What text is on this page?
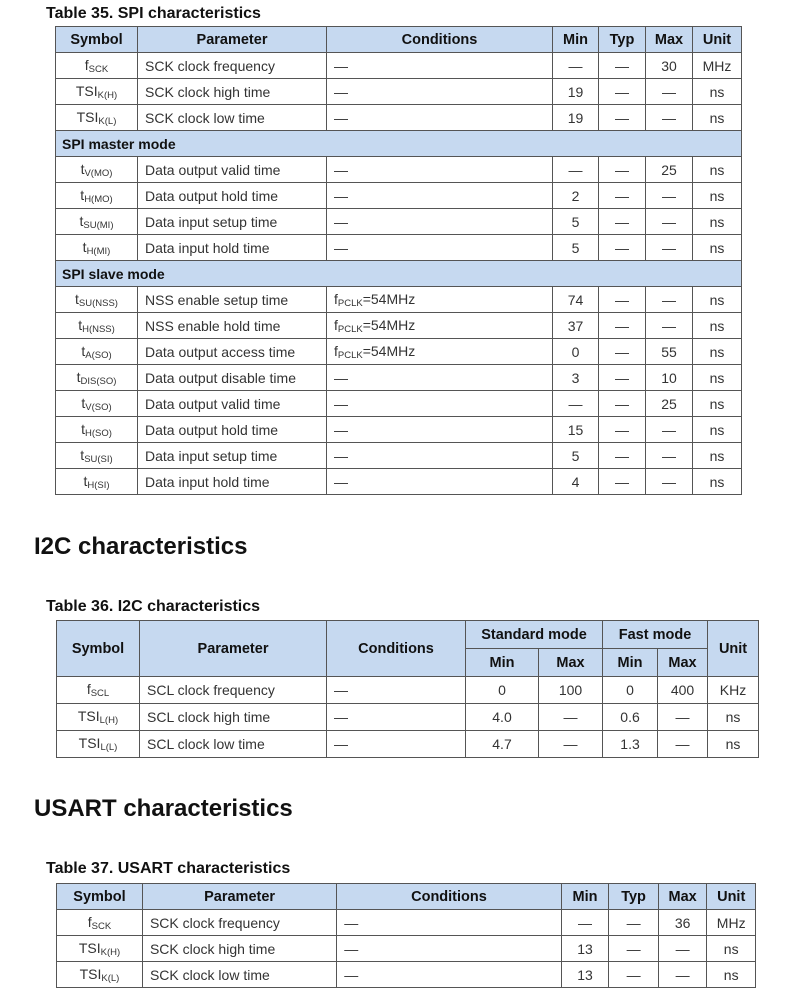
Table 35. SPI characteristics
Symbol	Parameter	Conditions	Min	Typ	Max	Unit
$f_{SCK}$	SCK clock frequency	—	—	—	30	MHz
$TSI_{K(H)}$	SCK clock high time	—	19	—	—	ns
$TSI_{K(L)}$	SCK clock low time	—	19	—	—	ns
SPI master mode						
$t_{V(MO)}$	Data output valid time	—	—	—	25	ns
$t_{H(MO)}$	Data output hold time	—	2	—	—	ns
$t_{SU(MI)}$	Data input setup time	—	5	—	—	ns
$t_{H(MI)}$	Data input hold time	—	5	—	—	ns
SPI slave mode						
$t_{SU(NSS)}$	NSS enable setup time	$f_{PCLK}=54MHz$	74	—	—	ns
$t_{H(NSS)}$	NSS enable hold time	$f_{PCLK}=54MHz$	37	—	—	ns
$t_{A(SO)}$	Data output access time	$f_{PCLK}=54MHz$	0	—	55	ns
$t_{DIS(SO)}$	Data output disable time	—	3	—	10	ns
$t_{V(SO)}$	Data output valid time	—	—	—	25	ns
$t_{H(SO)}$	Data output hold time	—	15	—	—	ns
$t_{SU(SI)}$	Data input setup time	—	5	—	—	ns
$t_{H(SI)}$	Data input hold time	—	4	—	—	ns
I2C characteristics
Table 36. I2C characteristics
Symbol	Parameter	Conditions	Standard mode		Fast mode		Unit
			Min	Max	Min	Max	
$f_{SCL}$	SCL clock frequency	—	0	100	0	400	KHz
$TSI_{L(H)}$	SCL clock high time	—	4.0	—	0.6	—	ns
$TSI_{L(L)}$	SCL clock low time	—	4.7	—	1.3	—	ns
USART characteristics
Table 37. USART characteristics
Symbol	Parameter	Conditions	Min	Typ	Max	Unit
$f_{SCK}$	SCK clock frequency	—	—	—	36	MHz
$TSI_{K(H)}$	SCK clock high time	—	13	—	—	ns
$TSI_{K(L)}$	SCK clock low time	—	13	—	—	ns
